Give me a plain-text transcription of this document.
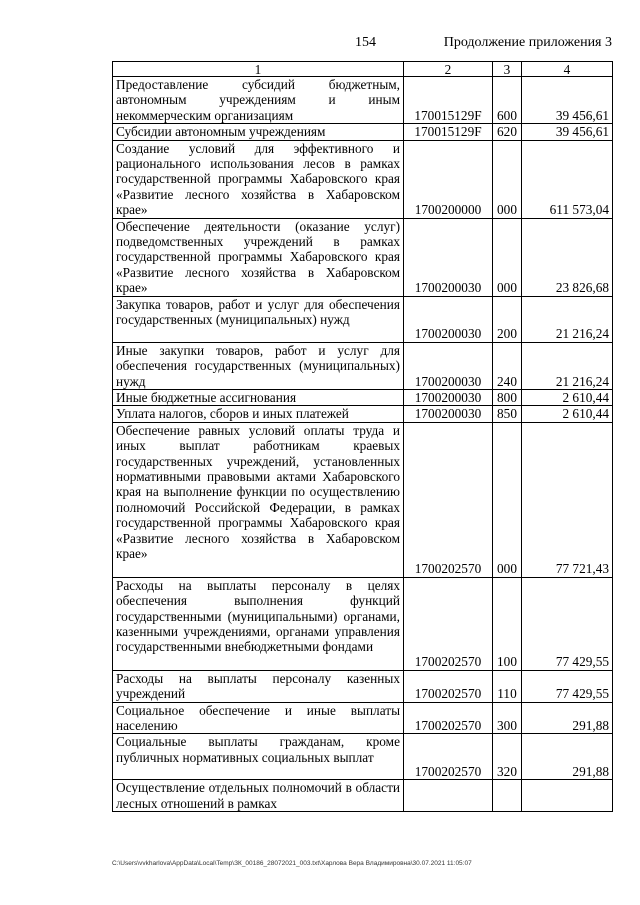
154	Продолжение приложения 3
1	2	3	4
Предоставление субсидий бюджетным, автономным учреждениям и иным некоммерческим организациям	170015129F	600	39 456,61
Субсидии автономным учреждениям	170015129F	620	39 456,61
Создание условий для эффективного и рационального использования лесов в рамках государственной программы Хабаровского края «Развитие лесного хозяйства в Хабаровском крае»	1700200000	000	611 573,04
Обеспечение деятельности (оказание услуг) подведомственных учреждений в рамках государственной программы Хабаровского края «Развитие лесного хозяйства в Хабаровском крае»	1700200030	000	23 826,68
Закупка товаров, работ и услуг для обеспечения государственных (муниципальных) нужд	1700200030	200	21 216,24
Иные закупки товаров, работ и услуг для обеспечения государственных (муниципальных) нужд	1700200030	240	21 216,24
Иные бюджетные ассигнования	1700200030	800	2 610,44
Уплата налогов, сборов и иных платежей	1700200030	850	2 610,44
Обеспечение равных условий оплаты труда и иных выплат работникам краевых государственных учреждений, установленных нормативными правовыми актами Хабаровского края на выполнение функции по осуществлению полномочий Российской Федерации, в рамках государственной программы Хабаровского края «Развитие лесного хозяйства в Хабаровском крае»	1700202570	000	77 721,43
Расходы на выплаты персоналу в целях обеспечения выполнения функций государственными (муниципальными) органами, казенными учреждениями, органами управления государственными внебюджетными фондами	1700202570	100	77 429,55
Расходы на выплаты персоналу казенных учреждений	1700202570	110	77 429,55
Социальное обеспечение и иные выплаты населению	1700202570	300	291,88
Социальные выплаты гражданам, кроме публичных нормативных социальных выплат	1700202570	320	291,88
Осуществление отдельных полномочий в области лесных отношений в рамках			
C:\Users\vvkharlova\AppData\Local\Temp\ЗК_00186_28072021_003.txt\Харлова Вера Владимировна\30.07.2021 11:05:07
